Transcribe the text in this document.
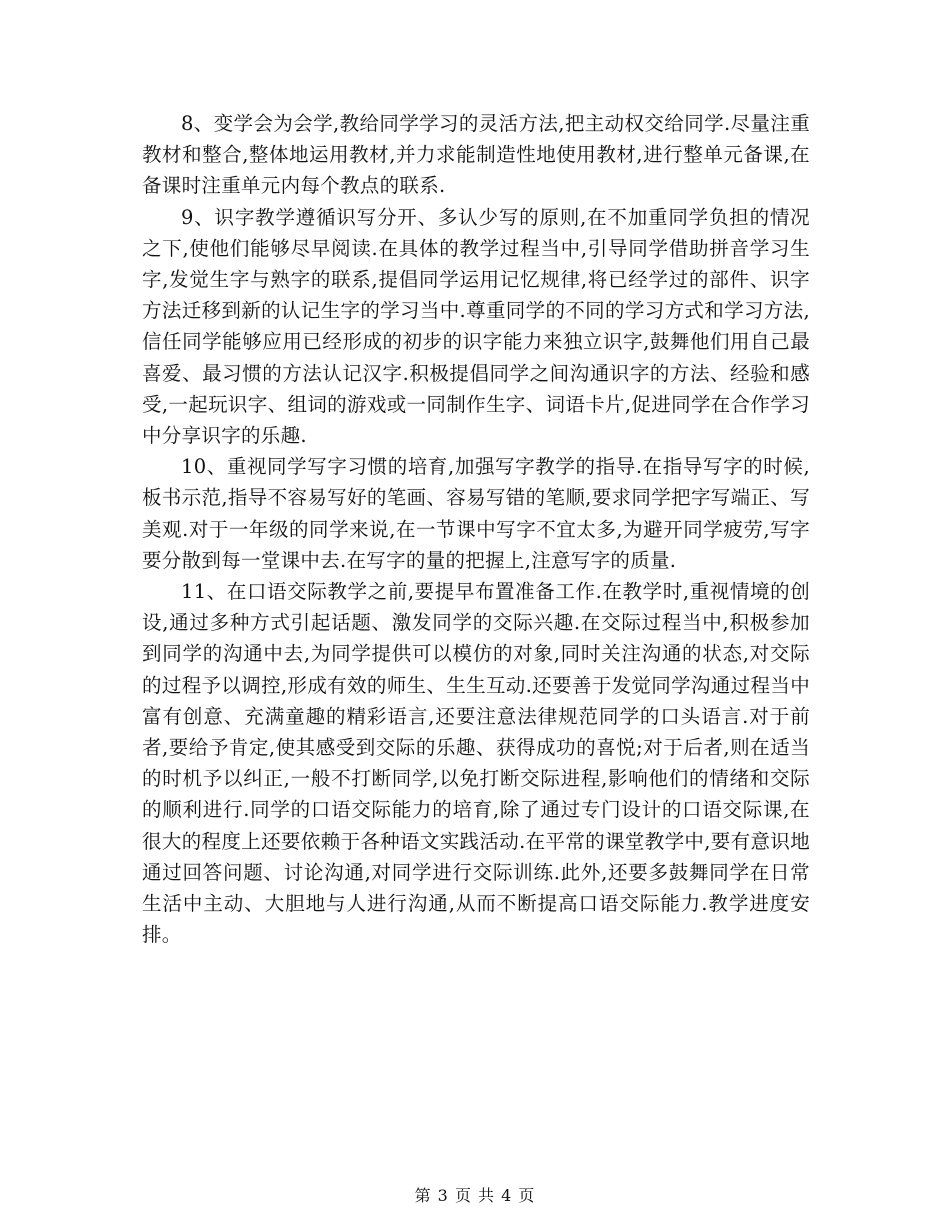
8、变学会为会学,教给同学学习的灵活方法,把主动权交给同学.尽量注重教材和整合,整体地运用教材,并力求能制造性地使用教材,进行整单元备课,在备课时注重单元内每个教点的联系.

9、识字教学遵循识写分开、多认少写的原则,在不加重同学负担的情况之下,使他们能够尽早阅读.在具体的教学过程当中,引导同学借助拼音学习生字,发觉生字与熟字的联系,提倡同学运用记忆规律,将已经学过的部件、识字方法迁移到新的认记生字的学习当中.尊重同学的不同的学习方式和学习方法,信任同学能够应用已经形成的初步的识字能力来独立识字,鼓舞他们用自己最喜爱、最习惯的方法认记汉字.积极提倡同学之间沟通识字的方法、经验和感受,一起玩识字、组词的游戏或一同制作生字、词语卡片,促进同学在合作学习中分享识字的乐趣.

10、重视同学写字习惯的培育,加强写字教学的指导.在指导写字的时候,板书示范,指导不容易写好的笔画、容易写错的笔顺,要求同学把字写端正、写美观.对于一年级的同学来说,在一节课中写字不宜太多,为避开同学疲劳,写字要分散到每一堂课中去.在写字的量的把握上,注意写字的质量.

11、在口语交际教学之前,要提早布置准备工作.在教学时,重视情境的创设,通过多种方式引起话题、激发同学的交际兴趣.在交际过程当中,积极参加到同学的沟通中去,为同学提供可以模仿的对象,同时关注沟通的状态,对交际的过程予以调控,形成有效的师生、生生互动.还要善于发觉同学沟通过程当中富有创意、充满童趣的精彩语言,还要注意法律规范同学的口头语言.对于前者,要给予肯定,使其感受到交际的乐趣、获得成功的喜悦;对于后者,则在适当的时机予以纠正,一般不打断同学,以免打断交际进程,影响他们的情绪和交际的顺利进行.同学的口语交际能力的培育,除了通过专门设计的口语交际课,在很大的程度上还要依赖于各种语文实践活动.在平常的课堂教学中,要有意识地通过回答问题、讨论沟通,对同学进行交际训练.此外,还要多鼓舞同学在日常生活中主动、大胆地与人进行沟通,从而不断提高口语交际能力.教学进度安排。

第 3 页 共 4 页
